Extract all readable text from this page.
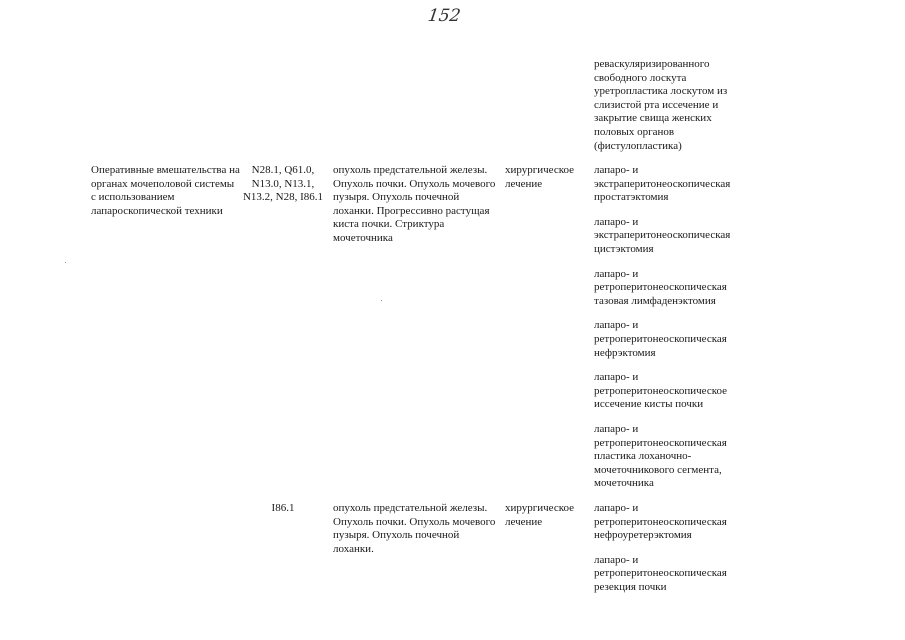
152
реваскуляризированного свободного лоскута уретропластика лоскутом из слизистой рта иссечение и закрытие свища женских половых органов (фистулопластика)
Оперативные вмешательства на органах мочеполовой системы с использованием лапароскопической техники
N28.1, Q61.0, N13.0, N13.1, N13.2, N28, I86.1
опухоль предстательной железы. Опухоль почки. Опухоль мочевого пузыря. Опухоль почечной лоханки. Прогрессивно растущая киста почки. Стриктура мочеточника
хирургическое лечение
лапаро- и экстраперитонеоскопическая простатэктомия
лапаро- и экстраперитонеоскопическая цистэктомия
лапаро- и ретроперитонеоскопическая тазовая лимфаденэктомия
лапаро- и ретроперитонеоскопическая нефрэктомия
лапаро- и ретроперитонеоскопическое иссечение кисты почки
лапаро- и ретроперитонеоскопическая пластика лоханочно-мочеточникового сегмента, мочеточника
I86.1	опухоль предстательной железы. Опухоль почки. Опухоль мочевого пузыря. Опухоль почечной лоханки.
хирургическое лечение
лапаро- и ретроперитонеоскопическая нефроуретерэктомия
лапаро- и ретроперитонеоскопическая резекция почки
